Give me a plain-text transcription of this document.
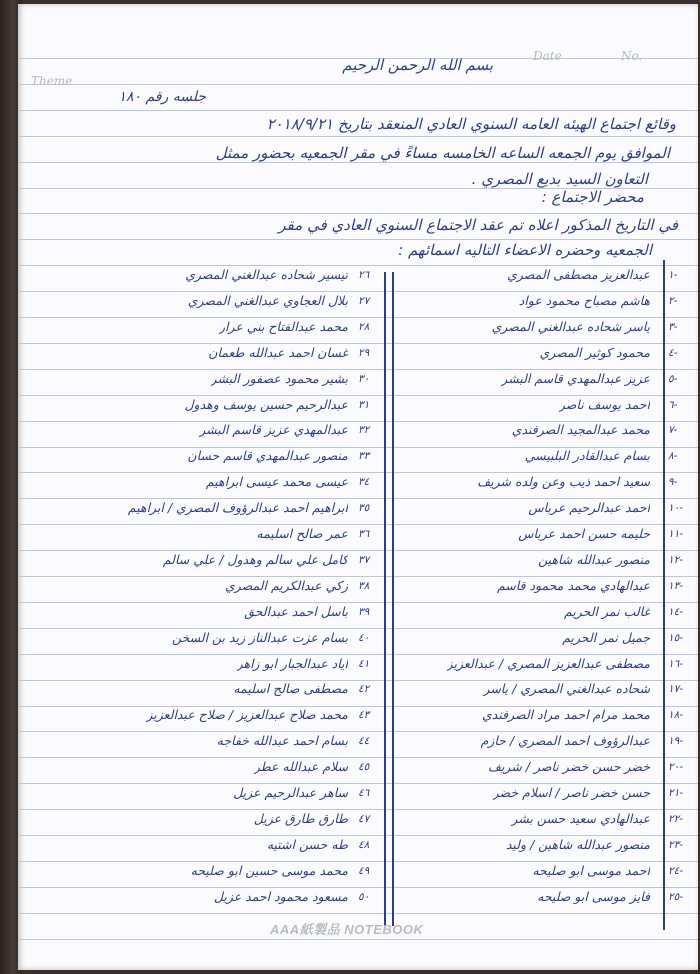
Theme
Date	No.
بسم الله الرحمن الرحيم
جلسه رقم ١٨٠
وقائع اجتماع الهيئه العامه السنوي العادي المنعقد بتاريخ ٢٠١٨/٩/٢١
الموافق يوم الجمعه الساعه الخامسه مساءً في مقر الجمعيه بحضور ممثل
التعاون السيد بديع المصري .
محضر الاجتماع :
في التاريخ المذكور اعلاه تم عقد الاجتماع السنوي العادي في مقر
الجمعيه وحضره الاعضاء التاليه اسمائهم :
١-
عبدالعزيز مصطفى المصري
٢-
هاشم مصباح محمود عواد
٣-
ياسر شحاده عبدالغني المصري
٤-
محمود كوثير المصري
٥-
عزيز عبدالمهدي قاسم البشر
٦-
احمد يوسف ناصر
٧-
محمد عبدالمجيد الصرفندي
٨-
بسام عبدالقادر البلبيسي
٩-
سعيد احمد ذيب وعن ولده شريف
١٠-
احمد عبدالرحيم عرباس
١١-
حليمه حسن احمد عرباس
١٢-
منصور عبدالله شاهين
١٣-
عبدالهادي محمد محمود قاسم
١٤-
غالب نمر الحريم
١٥-
جميل نمر الحريم
١٦-
مصطفى عبدالعزيز المصري / عبدالعزيز
١٧-
شحاده عبدالغني المصري / ياسر
١٨-
محمد مرام احمد مراد الصرفندي
١٩-
عبدالرؤوف احمد المصري / حازم
٢٠-
خضر حسن خضر ناصر / شريف
٢١-
حسن خضر ناصر / اسلام خضر
٢٢-
عبدالهادي سعيد حسن بشر
٢٣-
منصور عبدالله شاهين / وليد
٢٤-
احمد موسى ابو صليحه
٢٥-
فايز موسى ابو صليحه
٢٦
تيسير شحاده عبدالغني المصري
٢٧
بلال العجاوي عبدالغني المصري
٢٨
محمد عبدالفتاح بني عرار
٢٩
غسان احمد عبدالله طعمان
٣٠
بشير محمود عصفور البشر
٣١
عبدالرحيم حسين يوسف وهدول
٣٢
عبدالمهدي عزيز قاسم البشر
٣٣
منصور عبدالمهدي قاسم حسان
٣٤
عيسى محمد عيسى ابراهيم
٣٥
ابراهيم احمد عبدالرؤوف المصري / ابراهيم
٣٦
عمر صالح اسليمه
٣٧
كامل علي سالم وهدول / علي سالم
٣٨
زكي عبدالكريم المصري
٣٩
باسل احمد عبدالحق
٤٠
بسام عزت عبدالناز زيد بن السخن
٤١
اياد عبدالجبار ابو زاهر
٤٢
مصطفى صالح اسليمه
٤٣
محمد صلاح عبدالعزيز / صلاح عبدالعزيز
٤٤
بسام احمد عبدالله خفاجه
٤٥
سلام عبدالله عطر
٤٦
ساهر عبدالرحيم عزيل
٤٧
طارق طارق عزيل
٤٨
طه حسن اشتيه
٤٩
محمد موسى حسين ابو صليحه
٥٠
مسعود محمود احمد عزيل
AAA紙製品 NOTEBOOK
